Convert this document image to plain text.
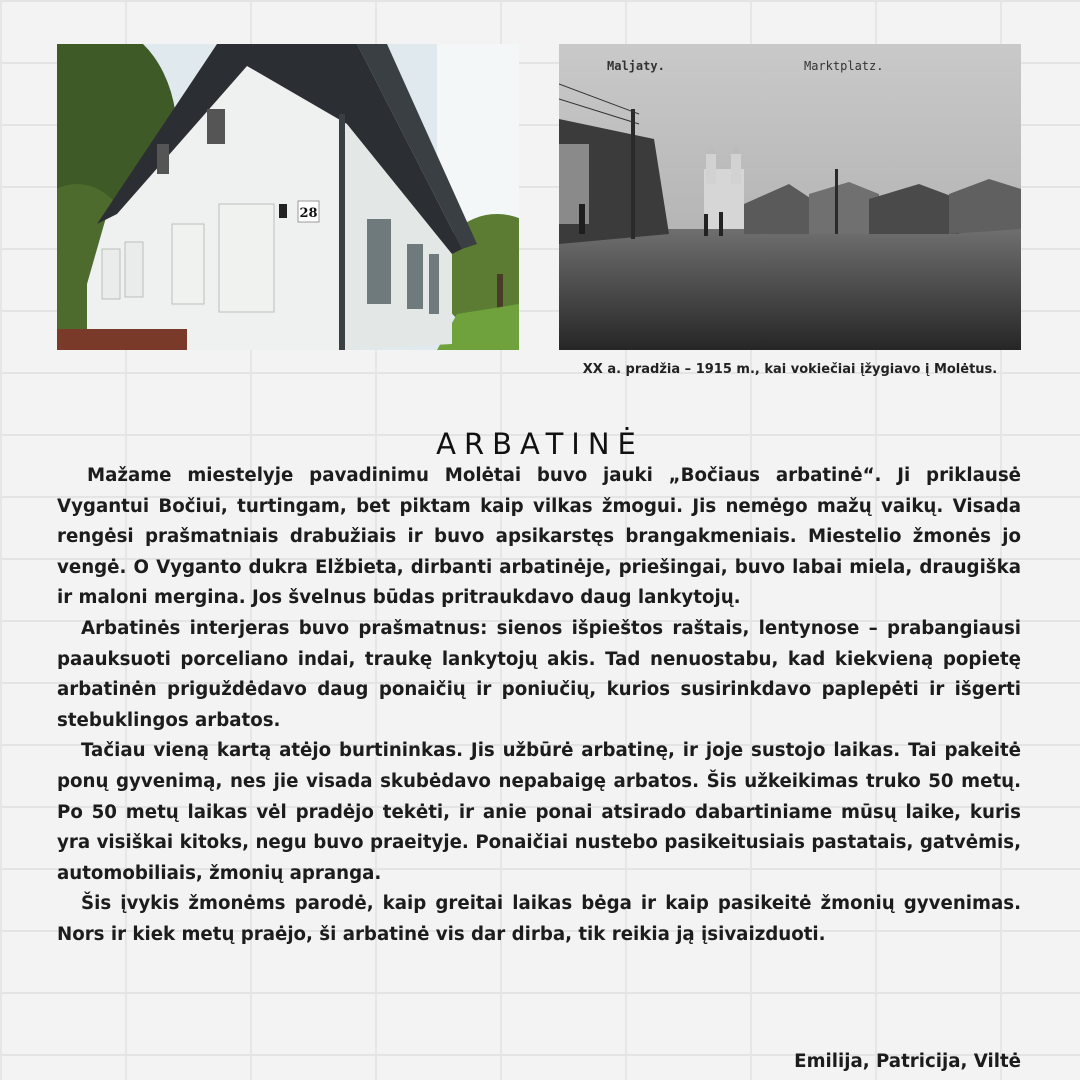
28
Maljaty.	Marktplatz.
XX a. pradžia – 1915 m., kai vokiečiai įžygiavo į Molėtus.
ARBATINĖ

Mažame miestelyje pavadinimu Molėtai buvo jauki „Bočiaus arbatinė“. Ji priklausė Vygantui Bočiui, turtingam, bet piktam kaip vilkas žmogui. Jis nemėgo mažų vaikų. Visada rengėsi prašmatniais drabužiais ir buvo apsikarstęs brangakmeniais. Miestelio žmonės jo vengė. O Vyganto dukra Elžbieta, dirbanti arbatinėje, priešingai, buvo labai miela, draugiška ir maloni mergina. Jos švelnus būdas pritraukdavo daug lankytojų.

Arbatinės interjeras buvo prašmatnus: sienos išpieštos raštais, lentynose – prabangiausi paauksuoti porceliano indai, traukę lankytojų akis. Tad nenuostabu, kad kiekvieną popietę arbatinėn priguždėdavo daug ponaičių ir poniučių, kurios susirinkdavo paplepėti ir išgerti stebuklingos arbatos.

Tačiau vieną kartą atėjo burtininkas. Jis užbūrė arbatinę, ir joje sustojo laikas. Tai pakeitė ponų gyvenimą, nes jie visada skubėdavo nepabaigę arbatos. Šis užkeikimas truko 50 metų. Po 50 metų laikas vėl pradėjo tekėti, ir anie ponai atsirado dabartiniame mūsų laike, kuris yra visiškai kitoks, negu buvo praeityje. Ponaičiai nustebo pasikeitusiais pastatais, gatvėmis, automobiliais, žmonių apranga.

Šis įvykis žmonėms parodė, kaip greitai laikas bėga ir kaip pasikeitė žmonių gyvenimas. Nors ir kiek metų praėjo, ši arbatinė vis dar dirba, tik reikia ją įsivaizduoti.

Emilija, Patricija, Viltė
